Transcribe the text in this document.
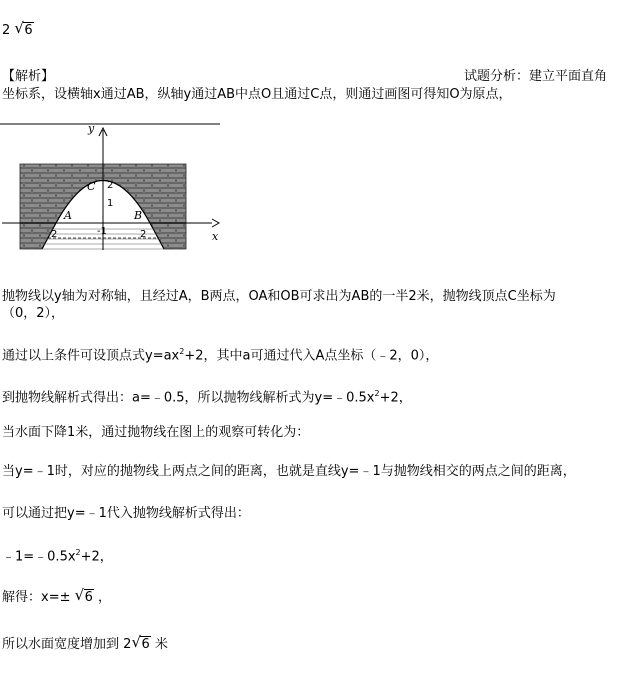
2 √ 6
【解析】	试题分析：建立平面直角
坐标系，设横轴x通过AB，纵轴y通过AB中点O且通过C点，则通过画图可得知O为原点，
y
x
C 2
1
A	B
2	2
-1
抛物线以y轴为对称轴，且经过A，B两点，OA和OB可求出为AB的一半2米，抛物线顶点C坐标为
（0，2），
通过以上条件可设顶点式$y=ax^2+2$，其中a可通过代入A点坐标（﹣2，0），
到抛物线解析式得出：a=﹣0.5，所以抛物线解析式为$y=﹣0.5x^2+2$，
当水面下降1米，通过抛物线在图上的观察可转化为：
当y=﹣1时，对应的抛物线上两点之间的距离，也就是直线y=﹣1与抛物线相交的两点之间的距离，
可以通过把y=﹣1代入抛物线解析式得出：
$﹣1=﹣0.5x^2+2$，
解得：x=± √ 6 ，
所以水面宽度增加到 2 √ 6 米
